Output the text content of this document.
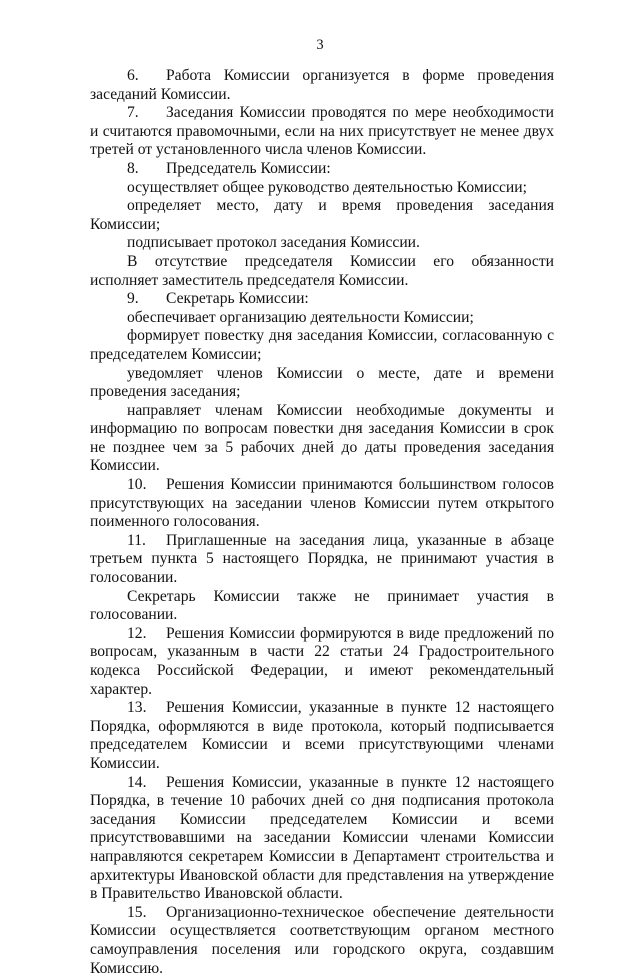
3

6. Работа Комиссии организуется в форме проведения заседаний Комиссии.

7. Заседания Комиссии проводятся по мере необходимости и считаются правомочными, если на них присутствует не менее двух третей от установленного числа членов Комиссии.

8. Председатель Комиссии:

осуществляет общее руководство деятельностью Комиссии;

определяет место, дату и время проведения заседания Комиссии;

подписывает протокол заседания Комиссии.

В отсутствие председателя Комиссии его обязанности исполняет заместитель председателя Комиссии.

9. Секретарь Комиссии:

обеспечивает организацию деятельности Комиссии;

формирует повестку дня заседания Комиссии, согласованную с председателем Комиссии;

уведомляет членов Комиссии о месте, дате и времени проведения заседания;

направляет членам Комиссии необходимые документы и информацию по вопросам повестки дня заседания Комиссии в срок не позднее чем за 5 рабочих дней до даты проведения заседания Комиссии.

10. Решения Комиссии принимаются большинством голосов присутствующих на заседании членов Комиссии путем открытого поименного голосования.

11. Приглашенные на заседания лица, указанные в абзаце третьем пункта 5 настоящего Порядка, не принимают участия в голосовании.

Секретарь Комиссии также не принимает участия в голосовании.

12. Решения Комиссии формируются в виде предложений по вопросам, указанным в части 22 статьи 24 Градостроительного кодекса Российской Федерации, и имеют рекомендательный характер.

13. Решения Комиссии, указанные в пункте 12 настоящего Порядка, оформляются в виде протокола, который подписывается председателем Комиссии и всеми присутствующими членами Комиссии.

14. Решения Комиссии, указанные в пункте 12 настоящего Порядка, в течение 10 рабочих дней со дня подписания протокола заседания Комиссии председателем Комиссии и всеми присутствовавшими на заседании Комиссии членами Комиссии направляются секретарем Комиссии в Департамент строительства и архитектуры Ивановской области для представления на утверждение в Правительство Ивановской области.

15. Организационно-техническое обеспечение деятельности Комиссии осуществляется соответствующим органом местного самоуправления поселения или городского округа, создавшим Комиссию.
